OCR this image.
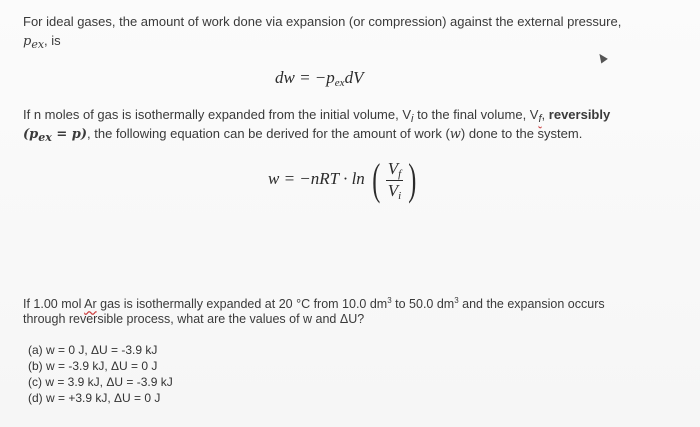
For ideal gases, the amount of work done via expansion (or compression) against the external pressure,
$p_{ex}$, is
dw = $-p_{ex}dV$
If n moles of gas is isothermally expanded from the initial volume, $V_i$ to the final volume, $V_f$, reversibly
$(p_{ex} = p)$, the following equation can be derived for the amount of work (w) done to the system.
w = −nRT · ln ( $\frac{V_f}{V_i}$ )
If 1.00 mol Ar gas is isothermally expanded at 20 °C from 10.0 $dm^3$ to 50.0 $dm^3$ and the expansion occurs
through reversible process, what are the values of w and ΔU?
(a) w = 0 J, ΔU = -3.9 kJ
(b) w = -3.9 kJ, ΔU = 0 J
(c) w = 3.9 kJ, ΔU = -3.9 kJ
(d) w = +3.9 kJ, ΔU = 0 J
